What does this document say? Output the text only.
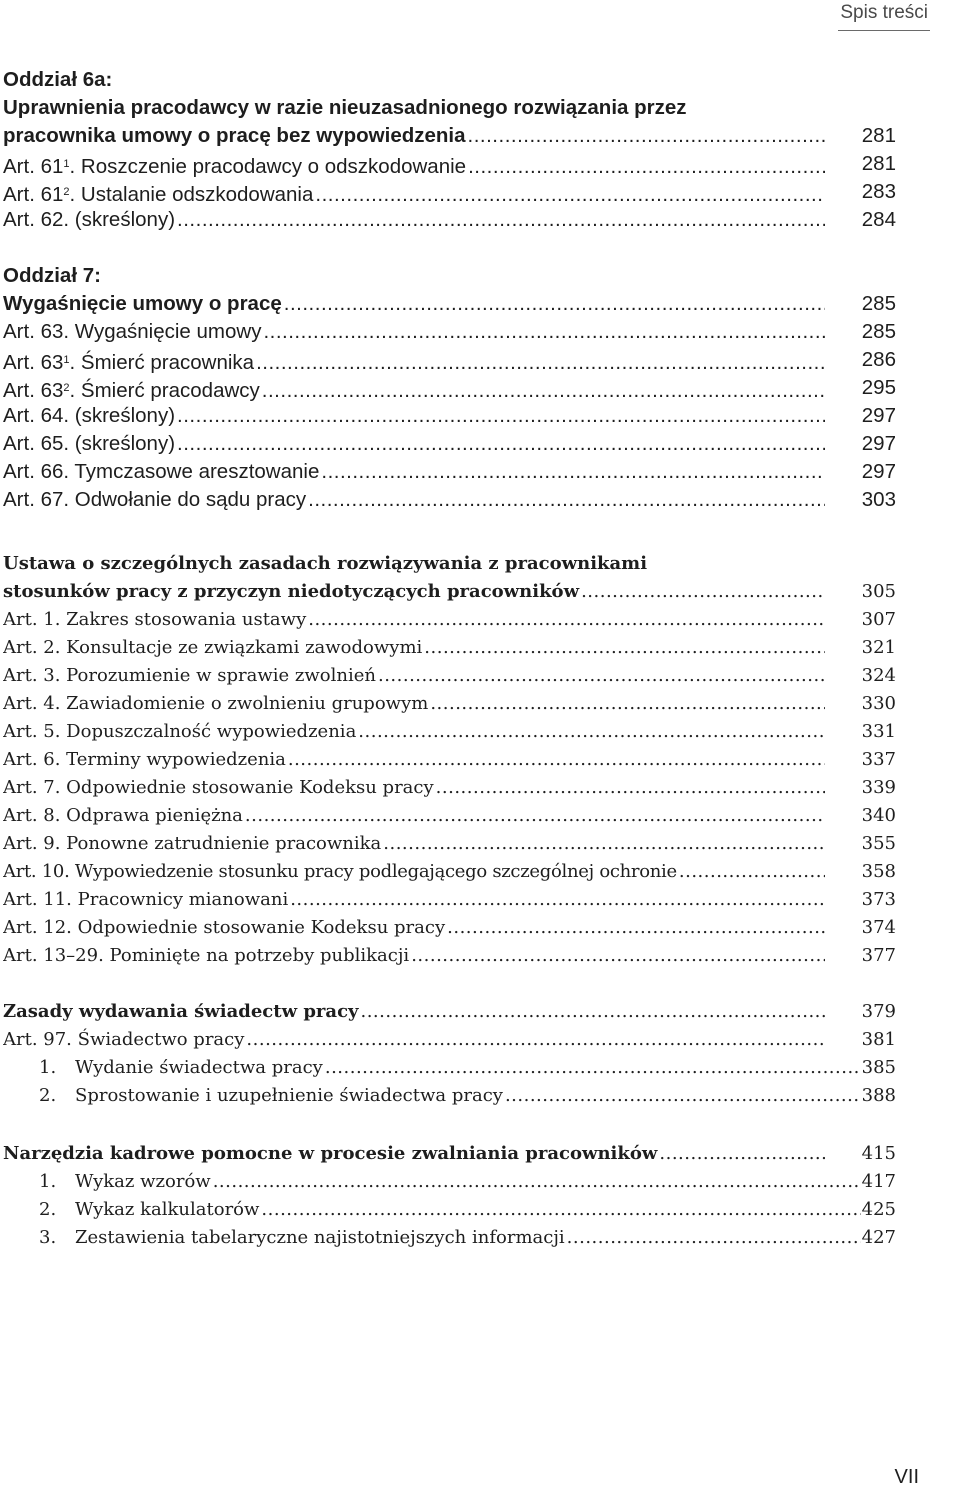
Spis treści
Oddział 6a:
Uprawnienia pracodawcy w razie nieuzasadnionego rozwiązania przez
pracownika umowy o pracę bez wypowiedzenia .....	281
Art. $61^1$. Roszczenie pracodawcy o odszkodowanie .....	281
Art. $61^2$. Ustalanie odszkodowania .....	283
Art. 62. (skreślony) .....	284
Oddział 7:
Wygaśnięcie umowy o pracę .....	285
Art. 63. Wygaśnięcie umowy .....	285
Art. $63^1$. Śmierć pracownika .....	286
Art. $63^2$. Śmierć pracodawcy .....	295
Art. 64. (skreślony) .....	297
Art. 65. (skreślony) .....	297
Art. 66. Tymczasowe aresztowanie .....	297
Art. 67. Odwołanie do sądu pracy .....	303
Ustawa o szczególnych zasadach rozwiązywania z pracownikami
stosunków pracy z przyczyn niedotyczących pracowników .....	305
Art. 1. Zakres stosowania ustawy .....	307
Art. 2. Konsultacje ze związkami zawodowymi .....	321
Art. 3. Porozumienie w sprawie zwolnień .....	324
Art. 4. Zawiadomienie o zwolnieniu grupowym .....	330
Art. 5. Dopuszczalność wypowiedzenia .....	331
Art. 6. Terminy wypowiedzenia .....	337
Art. 7. Odpowiednie stosowanie Kodeksu pracy .....	339
Art. 8. Odprawa pieniężna .....	340
Art. 9. Ponowne zatrudnienie pracownika .....	355
Art. 10. Wypowiedzenie stosunku pracy podlegającego szczególnej ochronie .....	358
Art. 11. Pracownicy mianowani .....	373
Art. 12. Odpowiednie stosowanie Kodeksu pracy .....	374
Art. 13–29. Pominięte na potrzeby publikacji .....	377
Zasady wydawania świadectw pracy .....	379
Art. 97. Świadectwo pracy .....	381
1. Wydanie świadectwa pracy .....	385
2. Sprostowanie i uzupełnienie świadectwa pracy .....	388
Narzędzia kadrowe pomocne w procesie zwalniania pracowników .....	415
1. Wykaz wzorów .....	417
2. Wykaz kalkulatorów .....	425
3. Zestawienia tabelaryczne najistotniejszych informacji .....	427
VII
